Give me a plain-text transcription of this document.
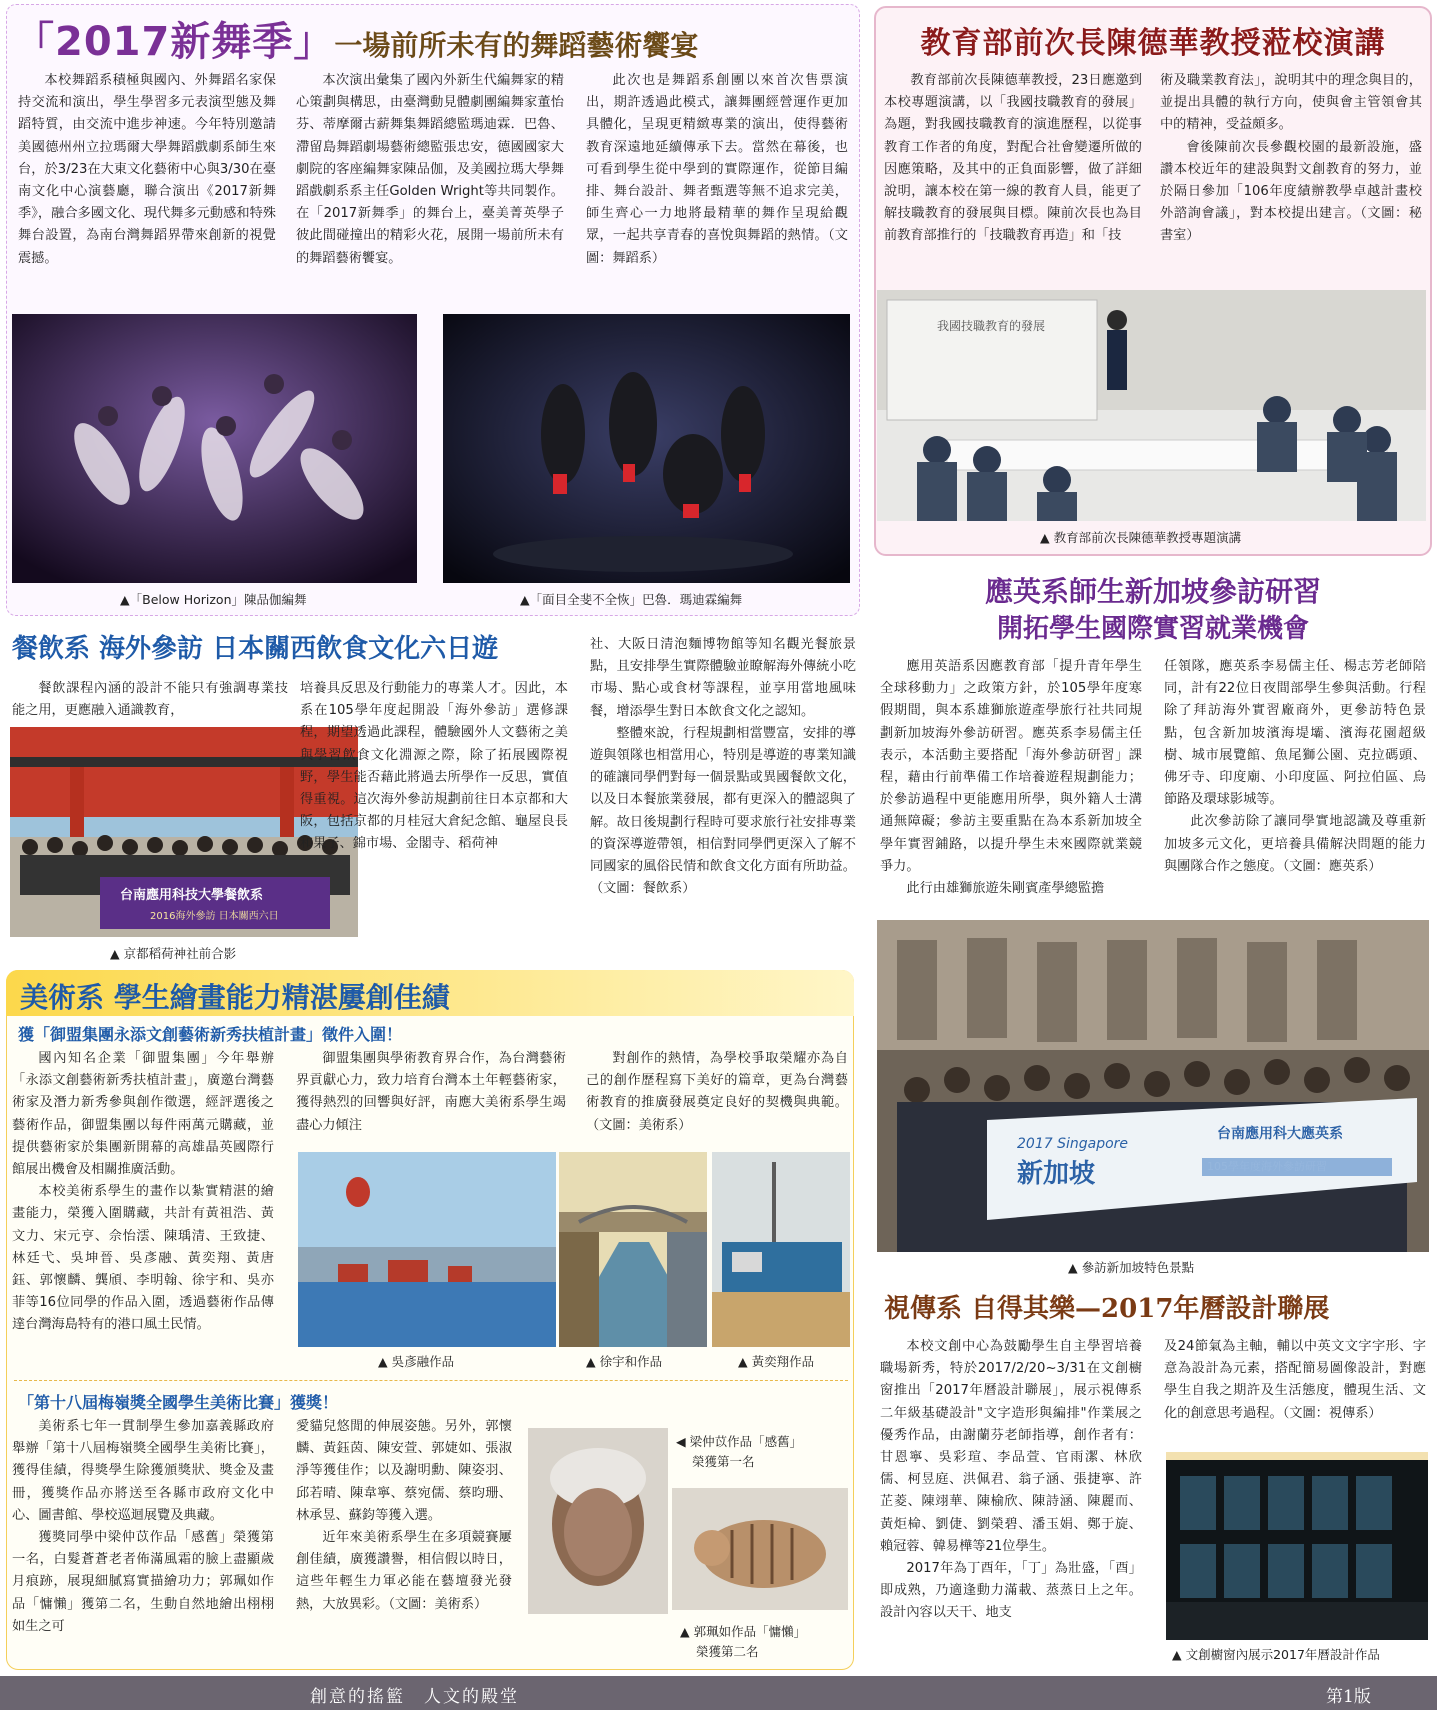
「2017新舞季」一場前所未有的舞蹈藝術饗宴

本校舞蹈系積極與國內、外舞蹈名家保持交流和演出，學生學習多元表演型態及舞蹈特質，由交流中進步神速。今年特別邀請美國德州州立拉瑪爾大學舞蹈戲劇系師生來台，於3/23在大東文化藝術中心與3/30在臺南文化中心演藝廳，聯合演出《2017新舞季》，融合多國文化、現代舞多元動感和特殊舞台設置，為南台灣舞蹈界帶來創新的視覺震撼。

本次演出彙集了國內外新生代編舞家的精心策劃與構思，由臺灣動見體劇團編舞家董怡芬、蒂摩爾古薪舞集舞蹈總監瑪迪霖．巴魯、滯留島舞蹈劇場藝術總監張忠安，德國國家大劇院的客座編舞家陳品伽，及美國拉瑪大學舞蹈戲劇系系主任Golden Wright等共同製作。在「2017新舞季」的舞台上，臺美菁英學子彼此間碰撞出的精彩火花，展開一場前所未有的舞蹈藝術饗宴。

此次也是舞蹈系創團以來首次售票演出，期許透過此模式，讓舞團經營運作更加具體化，呈現更精緻專業的演出，使得藝術教育深遠地延續傳承下去。當然在幕後，也可看到學生從中學到的實際運作，從節目編排、舞台設計、舞者甄選等無不追求完美，師生齊心一力地將最精華的舞作呈現給觀眾，一起共享青春的喜悅與舞蹈的熱情。（文圖：舞蹈系）

▲「Below Horizon」陳品伽編舞	▲「面目全斐不全恢」巴魯．瑪迪霖編舞
教育部前次長陳德華教授蒞校演講

教育部前次長陳德華教授，23日應邀到本校專題演講，以「我國技職教育的發展」為題，對我國技職教育的演進歷程，以從事教育工作者的角度，對配合社會變遷所做的因應策略，及其中的正負面影響，做了詳細說明，讓本校在第一線的教育人員，能更了解技職教育的發展與目標。陳前次長也為目前教育部推行的「技職教育再造」和「技

術及職業教育法」，說明其中的理念與目的，並提出具體的執行方向，使與會主管領會其中的精神，受益頗多。

會後陳前次長參觀校園的最新設施，盛讚本校近年的建設與對文創教育的努力，並於隔日參加「106年度績辦教學卓越計畫校外諮詢會議」，對本校提出建言。（文圖：秘書室）

我國技職教育的發展
▲ 教育部前次長陳德華教授專題演講
餐飲系 海外參訪 日本關西飲食文化六日遊

餐飲課程內涵的設計不能只有強調專業技能之用，更應融入通識教育，

台南應用科技大學餐飲系
2016海外參訪 日本關西六日
▲ 京都稻荷神社前合影
培養具反思及行動能力的專業人才。因此，本系在105學年度起開設「海外參訪」選修課程，期望透過此課程，體驗國外人文藝術之美與學習飲食文化淵源之際，除了拓展國際視野，學生能否藉此將過去所學作一反思，實值得重視。這次海外參訪規劃前往日本京都和大阪，包括京都的月桂冠大倉紀念館、龜屋良長和果子、錦市場、金閣寺、稻荷神
社、大阪日清泡麵博物館等知名觀光餐旅景點，且安排學生實際體驗並瞭解海外傳統小吃市場、點心或食材等課程，並享用當地風味餐，增添學生對日本飲食文化之認知。

整體來說，行程規劃相當豐富，安排的導遊與領隊也相當用心，特別是導遊的專業知識的確讓同學們對每一個景點或異國餐飲文化，以及日本餐旅業發展，都有更深入的體認與了解。故日後規劃行程時可要求旅行社安排專業的資深導遊帶領，相信對同學們更深入了解不同國家的風俗民情和飲食文化方面有所助益。（文圖：餐飲系）

美術系 學生繪畫能力精湛屢創佳績
獲「御盟集團永添文創藝術新秀扶植計畫」徵件入圍！

國內知名企業「御盟集團」今年舉辦「永添文創藝術新秀扶植計畫」，廣邀台灣藝術家及潛力新秀參與創作徵選，經評選後之藝術作品，御盟集團以每件兩萬元購藏，並提供藝術家於集團新開幕的高雄晶英國際行館展出機會及相關推廣活動。

本校美術系學生的畫作以紮實精湛的繪畫能力，榮獲入圍購藏，共計有黃祖浩、黃文力、宋元亨、佘怡澐、陳瑀清、王致捷、林廷弋、吳坤晉、吳彥融、黃奕翔、黃唐鈺、郭懷麟、龔頎、李明翰、徐宇和、吳亦菲等16位同學的作品入圍，透過藝術作品傳達台灣海島特有的港口風土民情。

御盟集團與學術教育界合作，為台灣藝術界貢獻心力，致力培育台灣本土年輕藝術家，獲得熱烈的回響與好評，南應大美術系學生竭盡心力傾注

對創作的熱情，為學校爭取榮耀亦為自己的創作歷程寫下美好的篇章，更為台灣藝術教育的推廣發展奠定良好的契機與典範。（文圖：美術系）

▲ 吳彥融作品	▲ 徐宇和作品	▲ 黃奕翔作品
「第十八屆梅嶺獎全國學生美術比賽」獲獎！

美術系七年一貫制學生參加嘉義縣政府舉辦「第十八屆梅嶺獎全國學生美術比賽」，獲得佳績，得獎學生除獲頒獎狀、獎金及畫冊，獲獎作品亦將送至各縣市政府文化中心、圖書館、學校巡迴展覽及典藏。

獲獎同學中梁仲苡作品「感舊」榮獲第一名，白髮蒼蒼老者佈滿風霜的臉上盡顯歲月痕跡，展現細膩寫實描繪功力；郭珮如作品「慵懶」獲第二名，生動自然地繪出栩栩如生之可

愛貓兒悠閒的伸展姿態。另外，郭懷麟、黃鈺茵、陳安萱、郭婕如、張淑淨等獲佳作；以及謝明勳、陳姿羽、邱若晴、陳韋寧、蔡宛儒、蔡昀珊、林承昱、蘇鈞等獲入選。

近年來美術系學生在多項競賽屢創佳績，廣獲讚譽，相信假以時日，這些年輕生力軍必能在藝壇發光發熱，大放異彩。（文圖：美術系）

◀ 梁仲苡作品「感舊」
榮獲第一名
▲ 郭珮如作品「慵懶」
榮獲第二名
應英系師生新加坡參訪研習
開拓學生國際實習就業機會

應用英語系因應教育部「提升青年學生全球移動力」之政策方針，於105學年度寒假期間，與本系雄獅旅遊產學旅行社共同規劃新加坡海外參訪研習。應英系李易儒主任表示，本活動主要搭配「海外參訪研習」課程，藉由行前準備工作培養遊程規劃能力；於參訪過程中更能應用所學，與外籍人士溝通無障礙；參訪主要重點在為本系新加坡全學年實習鋪路，以提升學生未來國際就業競爭力。

此行由雄獅旅遊朱剛賓產學總監擔

任領隊，應英系李易儒主任、楊志芳老師陪同，計有22位日夜間部學生參與活動。行程除了拜訪海外實習廠商外，更參訪特色景點，包含新加坡濱海堤壩、濱海花園超級樹、城市展覽館、魚尾獅公園、克拉碼頭、佛牙寺、印度廟、小印度區、阿拉伯區、烏節路及環球影城等。

此次參訪除了讓同學實地認識及尊重新加坡多元文化，更培養具備解決問題的能力與團隊合作之態度。（文圖：應英系）

2017 Singapore
新加坡
台南應用科大應英系
▲ 參訪新加坡特色景點
視傳系 自得其樂—2017年曆設計聯展

本校文創中心為鼓勵學生自主學習培養職場新秀，特於2017/2/20~3/31在文創櫥窗推出「2017年曆設計聯展」，展示視傳系二年級基礎設計"文字造形與編排"作業展之優秀作品，由謝蘭芬老師指導，創作者有：甘恩寧、吳彩瑄、李品萱、官雨潔、林欣儒、柯昱庭、洪佩君、翁子涵、張捷寧、許芷菱、陳翊華、陳榆欣、陳詩涵、陳麗而、黃炬椧、劉倢、劉榮碧、潘玉娟、鄭于旋、賴冠蓉、韓易樺等21位學生。

2017年為丁酉年，「丁」為壯盛，「酉」即成熟，乃適逢動力滿載、蒸蒸日上之年。設計內容以天干、地支

及24節氣為主軸，輔以中英文文字字形、字意為設計為元素，搭配簡易圖像設計，對應學生自我之期許及生活態度，體現生活、文化的創意思考過程。（文圖：視傳系）
▲ 文創櫥窗內展示2017年曆設計作品
創意的搖籃　人文的殿堂	第1版
